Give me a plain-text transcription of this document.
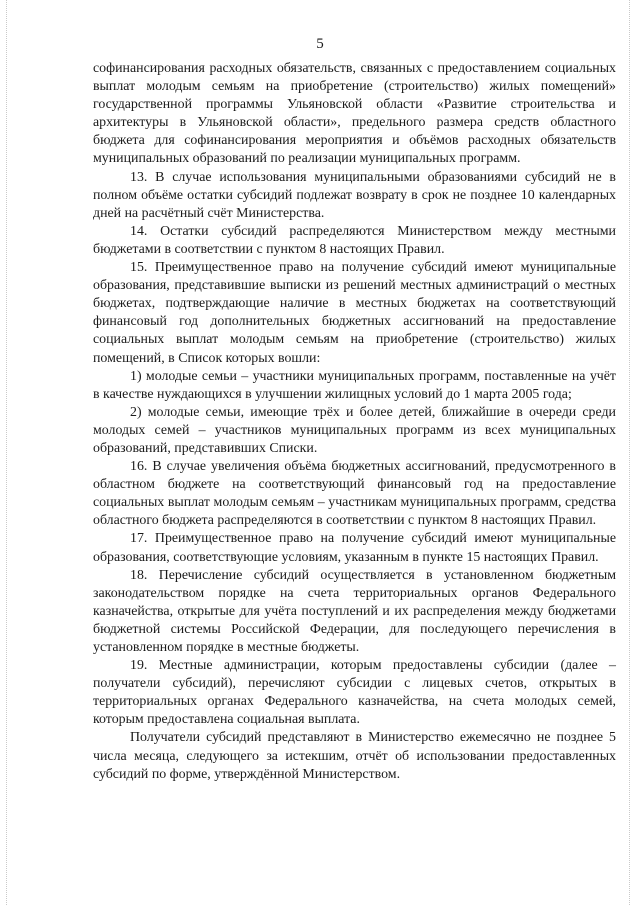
5

софинансирования расходных обязательств, связанных с предоставлением социальных выплат молодым семьям на приобретение (строительство) жилых помещений» государственной программы Ульяновской области «Развитие строительства и архитектуры в Ульяновской области», предельного размера средств областного бюджета для софинансирования мероприятия и объёмов расходных обязательств муниципальных образований по реализации муниципальных программ.

13. В случае использования муниципальными образованиями субсидий не в полном объёме остатки субсидий подлежат возврату в срок не позднее 10 календарных дней на расчётный счёт Министерства.

14. Остатки субсидий распределяются Министерством между местными бюджетами в соответствии с пунктом 8 настоящих Правил.

15. Преимущественное право на получение субсидий имеют муниципальные образования, представившие выписки из решений местных администраций о местных бюджетах, подтверждающие наличие в местных бюджетах на соответствующий финансовый год дополнительных бюджетных ассигнований на предоставление социальных выплат молодым семьям на приобретение (строительство) жилых помещений, в Список которых вошли:

1) молодые семьи – участники муниципальных программ, поставленные на учёт в качестве нуждающихся в улучшении жилищных условий до 1 марта 2005 года;

2) молодые семьи, имеющие трёх и более детей, ближайшие в очереди среди молодых семей – участников муниципальных программ из всех муниципальных образований, представивших Списки.

16. В случае увеличения объёма бюджетных ассигнований, предусмотренного в областном бюджете на соответствующий финансовый год на предоставление социальных выплат молодым семьям – участникам муниципальных программ, средства областного бюджета распределяются в соответствии с пунктом 8 настоящих Правил.

17. Преимущественное право на получение субсидий имеют муниципальные образования, соответствующие условиям, указанным в пункте 15 настоящих Правил.

18. Перечисление субсидий осуществляется в установленном бюджетным законодательством порядке на счета территориальных органов Федерального казначейства, открытые для учёта поступлений и их распределения между бюджетами бюджетной системы Российской Федерации, для последующего перечисления в установленном порядке в местные бюджеты.

19. Местные администрации, которым предоставлены субсидии (далее – получатели субсидий), перечисляют субсидии с лицевых счетов, открытых в территориальных органах Федерального казначейства, на счета молодых семей, которым предоставлена социальная выплата.

Получатели субсидий представляют в Министерство ежемесячно не позднее 5 числа месяца, следующего за истекшим, отчёт об использовании предоставленных субсидий по форме, утверждённой Министерством.
